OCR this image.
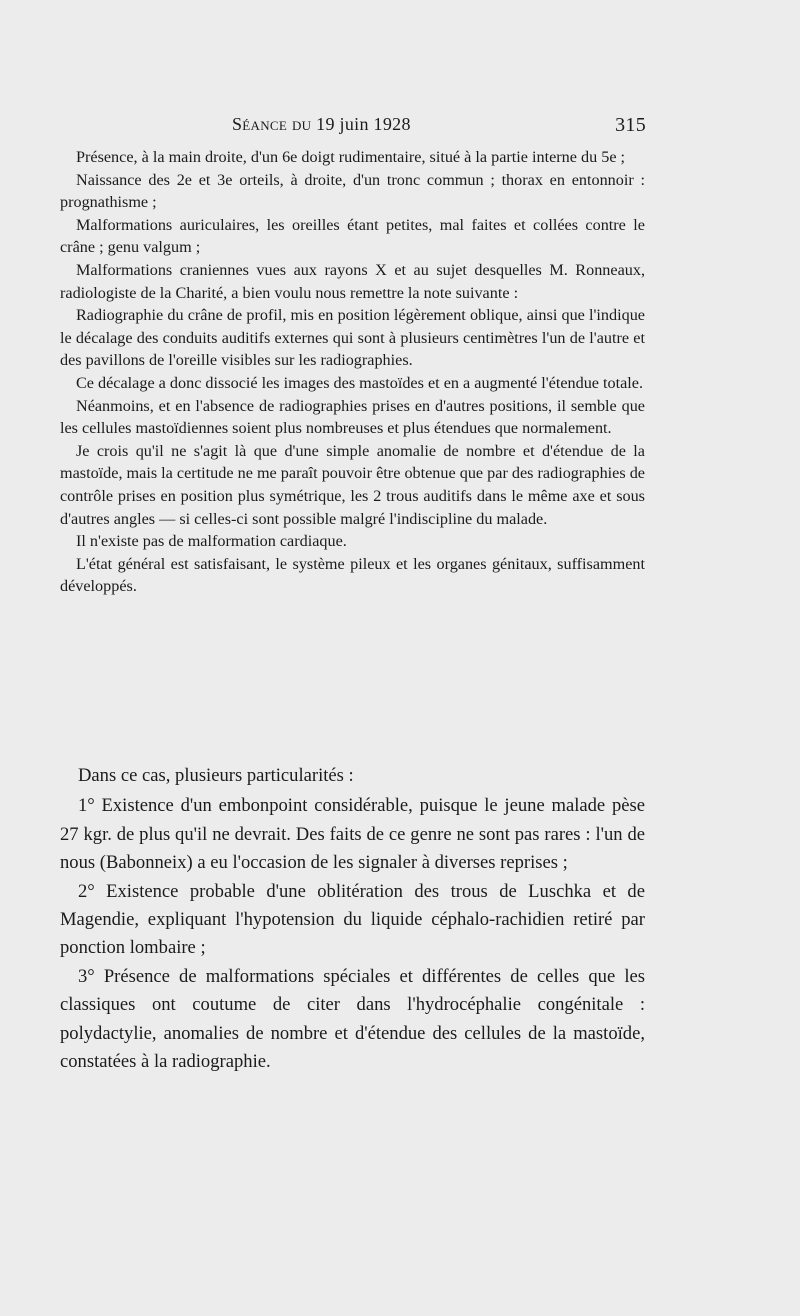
Séance du 19 juin 1928	315

Présence, à la main droite, d'un 6e doigt rudimentaire, situé à la partie interne du 5e ;

Naissance des 2e et 3e orteils, à droite, d'un tronc commun ; thorax en entonnoir : prognathisme ;

Malformations auriculaires, les oreilles étant petites, mal faites et collées contre le crâne ; genu valgum ;

Malformations craniennes vues aux rayons X et au sujet desquelles M. Ronneaux, radiologiste de la Charité, a bien voulu nous remettre la note suivante :

Radiographie du crâne de profil, mis en position légèrement oblique, ainsi que l'indique le décalage des conduits auditifs externes qui sont à plusieurs centimètres l'un de l'autre et des pavillons de l'oreille visibles sur les radiographies.

Ce décalage a donc dissocié les images des mastoïdes et en a augmenté l'étendue totale.

Néanmoins, et en l'absence de radiographies prises en d'autres positions, il semble que les cellules mastoïdiennes soient plus nombreuses et plus étendues que normalement.

Je crois qu'il ne s'agit là que d'une simple anomalie de nombre et d'étendue de la mastoïde, mais la certitude ne me paraît pouvoir être obtenue que par des radiographies de contrôle prises en position plus symétrique, les 2 trous auditifs dans le même axe et sous d'autres angles — si celles-ci sont possible malgré l'indiscipline du malade.

Il n'existe pas de malformation cardiaque.

L'état général est satisfaisant, le système pileux et les organes génitaux, suffisamment développés.

Dans ce cas, plusieurs particularités :

1° Existence d'un embonpoint considérable, puisque le jeune malade pèse 27 kgr. de plus qu'il ne devrait. Des faits de ce genre ne sont pas rares : l'un de nous (Babonneix) a eu l'occasion de les signaler à diverses reprises ;

2° Existence probable d'une oblitération des trous de Luschka et de Magendie, expliquant l'hypotension du liquide céphalo-rachidien retiré par ponction lombaire ;

3° Présence de malformations spéciales et différentes de celles que les classiques ont coutume de citer dans l'hydrocéphalie congénitale : polydactylie, anomalies de nombre et d'étendue des cellules de la mastoïde, constatées à la radiographie.
